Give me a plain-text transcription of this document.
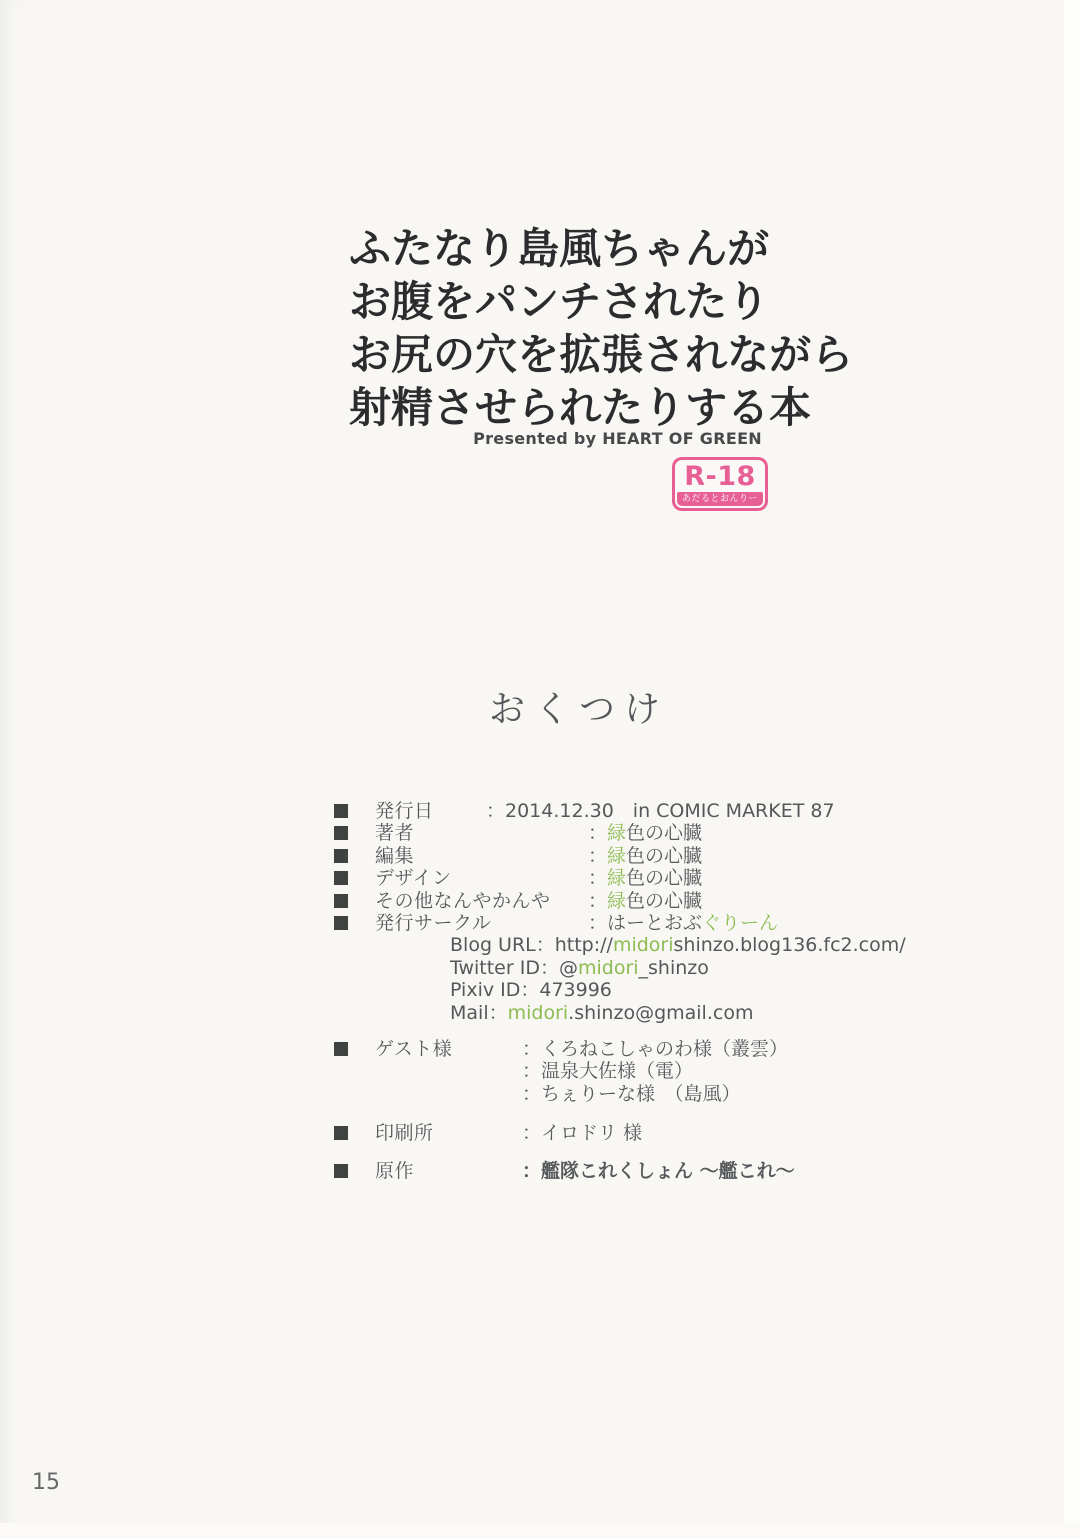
ふ た な り 島 風 ち ゃ ん が
お 腹 を パ ン チ さ れ た り
お 尻 の 穴 を 拡 張 さ れ な が ら
射 精 さ せ ら れ た り す る 本
Presented by HEART OF GREEN
R-18
あだるとおんりー
おくつけ
発行日	：2014.12.30　in COMIC MARKET 87
著者	：緑色の心臓
編集	：緑色の心臓
デザイン	：緑色の心臓
その他なんやかんや ：緑色の心臓
発行サークル	：はーとおぶぐりーん
Blog URL：http://midorishinzo.blog136.fc2.com/
Twitter ID：@midori_shinzo
Pixiv ID：473996
Mail：midori.shinzo@gmail.com
ゲスト様	：くろねこしゃのわ様（叢雲）
：温泉大佐様（電）
：ちぇりーな様　（島風）
印刷所	：イロドリ 様
原作	：艦隊これくしょん ～艦これ～
15
